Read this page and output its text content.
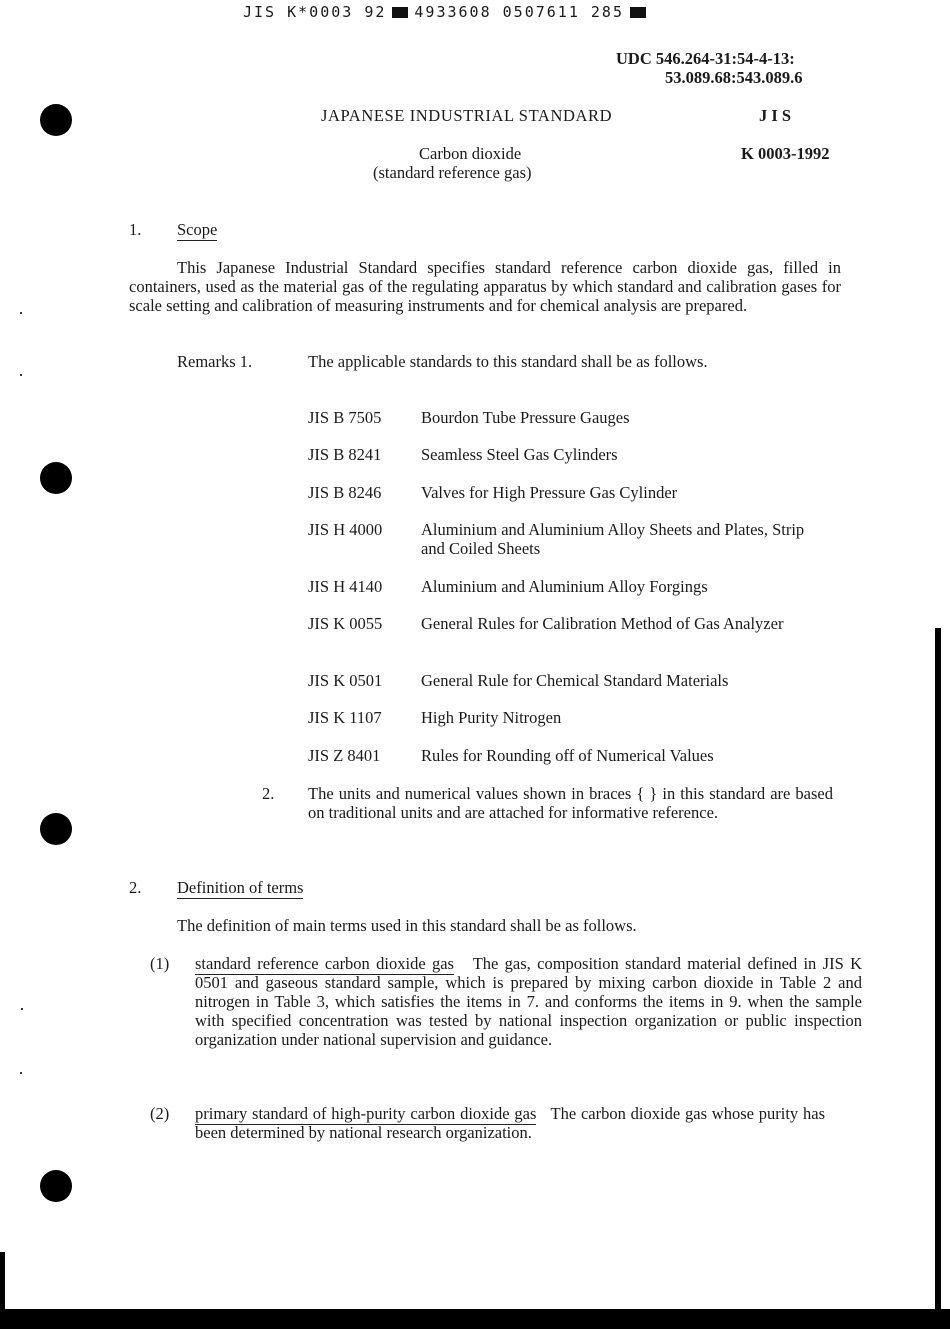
JIS K*0003 92 4933608 0507611 285
UDC 546.264-31:54-4-13:
53.089.68:543.089.6
JAPANESE INDUSTRIAL STANDARD	J I S
Carbon dioxide
(standard reference gas)
K 0003-1992
1. Scope
This Japanese Industrial Standard specifies standard reference carbon dioxide gas, filled in containers, used as the material gas of the regulating apparatus by which standard and calibration gases for scale setting and calibration of measuring instruments and for chemical analysis are prepared.
Remarks 1.	The applicable standards to this standard shall be as follows.
JIS B 7505	Bourdon Tube Pressure Gauges
JIS B 8241	Seamless Steel Gas Cylinders
JIS B 8246	Valves for High Pressure Gas Cylinder
JIS H 4000	Aluminium and Aluminium Alloy Sheets and Plates, Strip and Coiled Sheets
JIS H 4140	Aluminium and Aluminium Alloy Forgings
JIS K 0055	General Rules for Calibration Method of Gas Analyzer
JIS K 0501	General Rule for Chemical Standard Materials
JIS K 1107	High Purity Nitrogen
JIS Z 8401	Rules for Rounding off of Numerical Values
2. The units and numerical values shown in braces { } in this standard are based on traditional units and are attached for informative reference.
2. Definition of terms
The definition of main terms used in this standard shall be as follows.
(1) standard reference carbon dioxide gas The gas, composition standard material defined in JIS K 0501 and gaseous standard sample, which is prepared by mixing carbon dioxide in Table 2 and nitrogen in Table 3, which satisfies the items in 7. and conforms the items in 9. when the sample with specified concentration was tested by national inspection organization or public inspection organization under national supervision and guidance.
(2) primary standard of high-purity carbon dioxide gas The carbon dioxide gas whose purity has been determined by national research organization.
